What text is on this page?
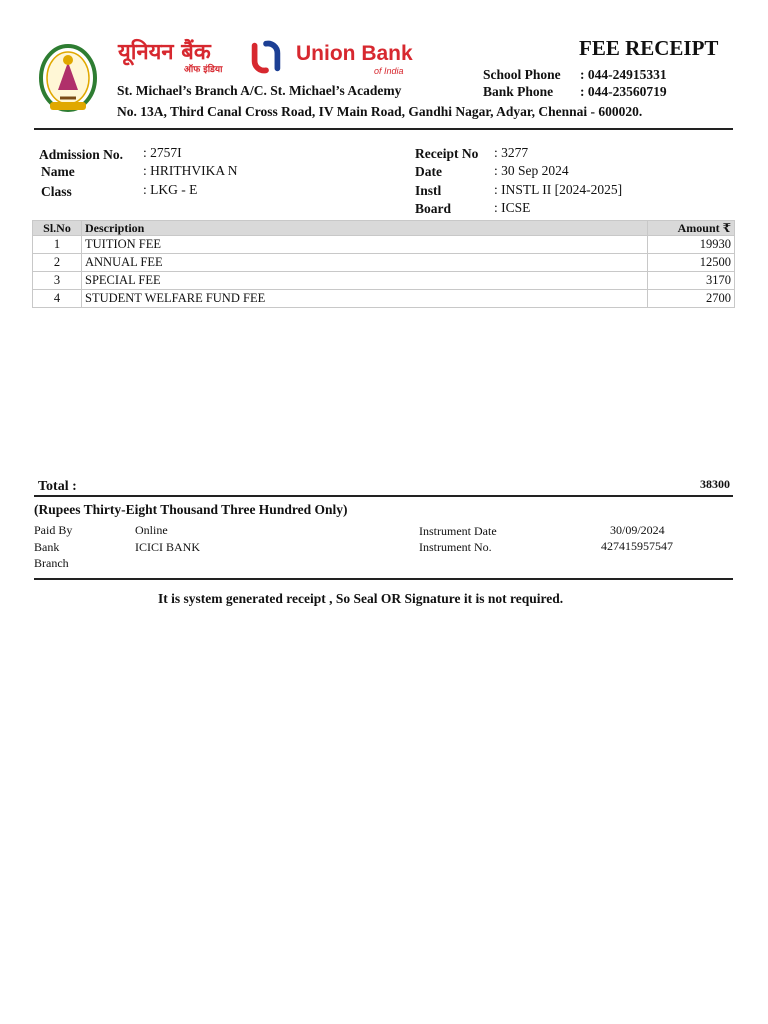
यूनियन बैंक
ऑफ इंडिया
Union Bank
of India
FEE RECEIPT
School Phone : 044-24915331
Bank Phone : 044-23560719
St. Michael’s Branch A/C. St. Michael’s Academy
No. 13A, Third Canal Cross Road, IV Main Road, Gandhi Nagar, Adyar, Chennai - 600020.
Admission No. : 2757I
Name	: HRITHVIKA N
Class	: LKG - E
Receipt No : 3277
Date	: 30 Sep 2024
Instl	: INSTL II [2024-2025]
Board	: ICSE
Sl.No	Description	Amount ₹
1	TUITION FEE	19930
2	ANNUAL FEE	12500
3	SPECIAL FEE	3170
4	STUDENT WELFARE FUND FEE	2700
Total :	38300
(Rupees Thirty-Eight Thousand Three Hundred Only)
Paid By	Online
Bank	ICICI BANK
Branch
Instrument Date	30/09/2024
Instrument No.	427415957547
It is system generated receipt , So Seal OR Signature it is not required.
